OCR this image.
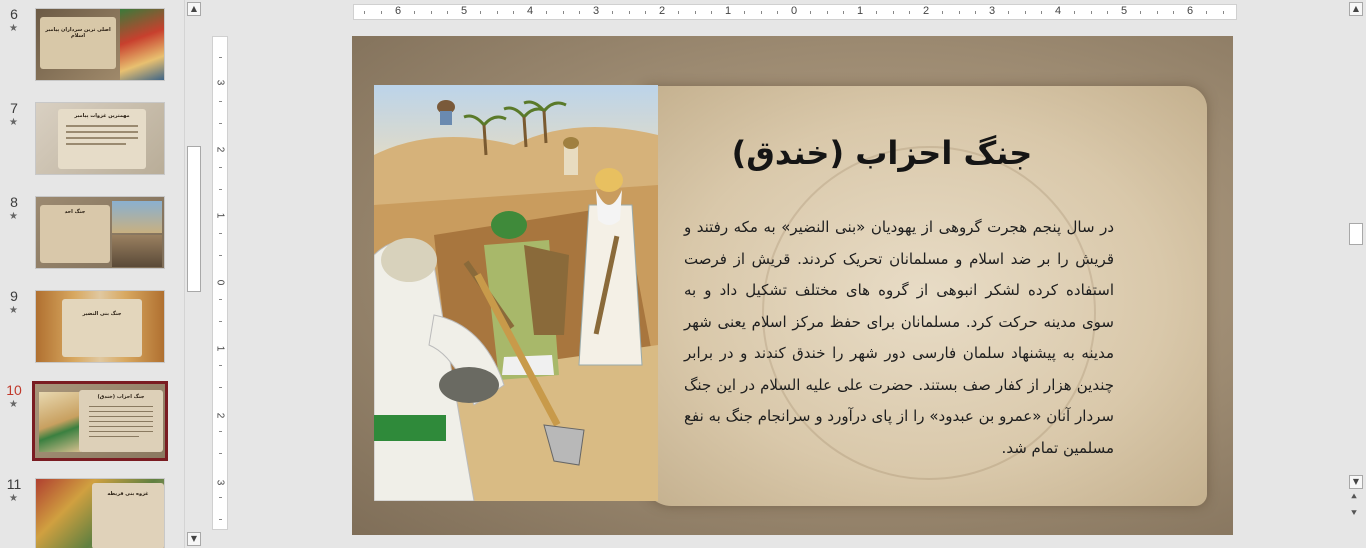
6
★	اصلی ترین سرداران پیامبر اسلام
7
★
مهمترین غزوات پیامبر
8
★	جنگ احد
9
★	جنگ بنی النضیر
10
★
جنگ احزاب (خندق)
11
★	غزوه بنی قریظه
▲
▼
6	5	4	3	2	1	0	1	2	3	4	5	6
3
2
1
0
1
2
3
جنگ احزاب (خندق)
در سال پنجم هجرت گروهی از یهودیان «بنی النضیر» به مکه رفتند و قریش را بر ضد اسلام و مسلمانان تحریک کردند. قریش از فرصت استفاده کرده لشکر انبوهی از گروه های مختلف تشکیل داد و به سوی مدینه حرکت کرد. مسلمانان برای حفظ مرکز اسلام یعنی شهر مدینه به پیشنهاد سلمان فارسی دور شهر را خندق کندند و در برابر چندین هزار از کفار صف بستند. حضرت علی علیه السلام در این جنگ سردار آنان «عمرو بن عبدود» را از پای درآورد و سرانجام جنگ به نفع مسلمین تمام شد.
▲
▼
⯅
⯆
